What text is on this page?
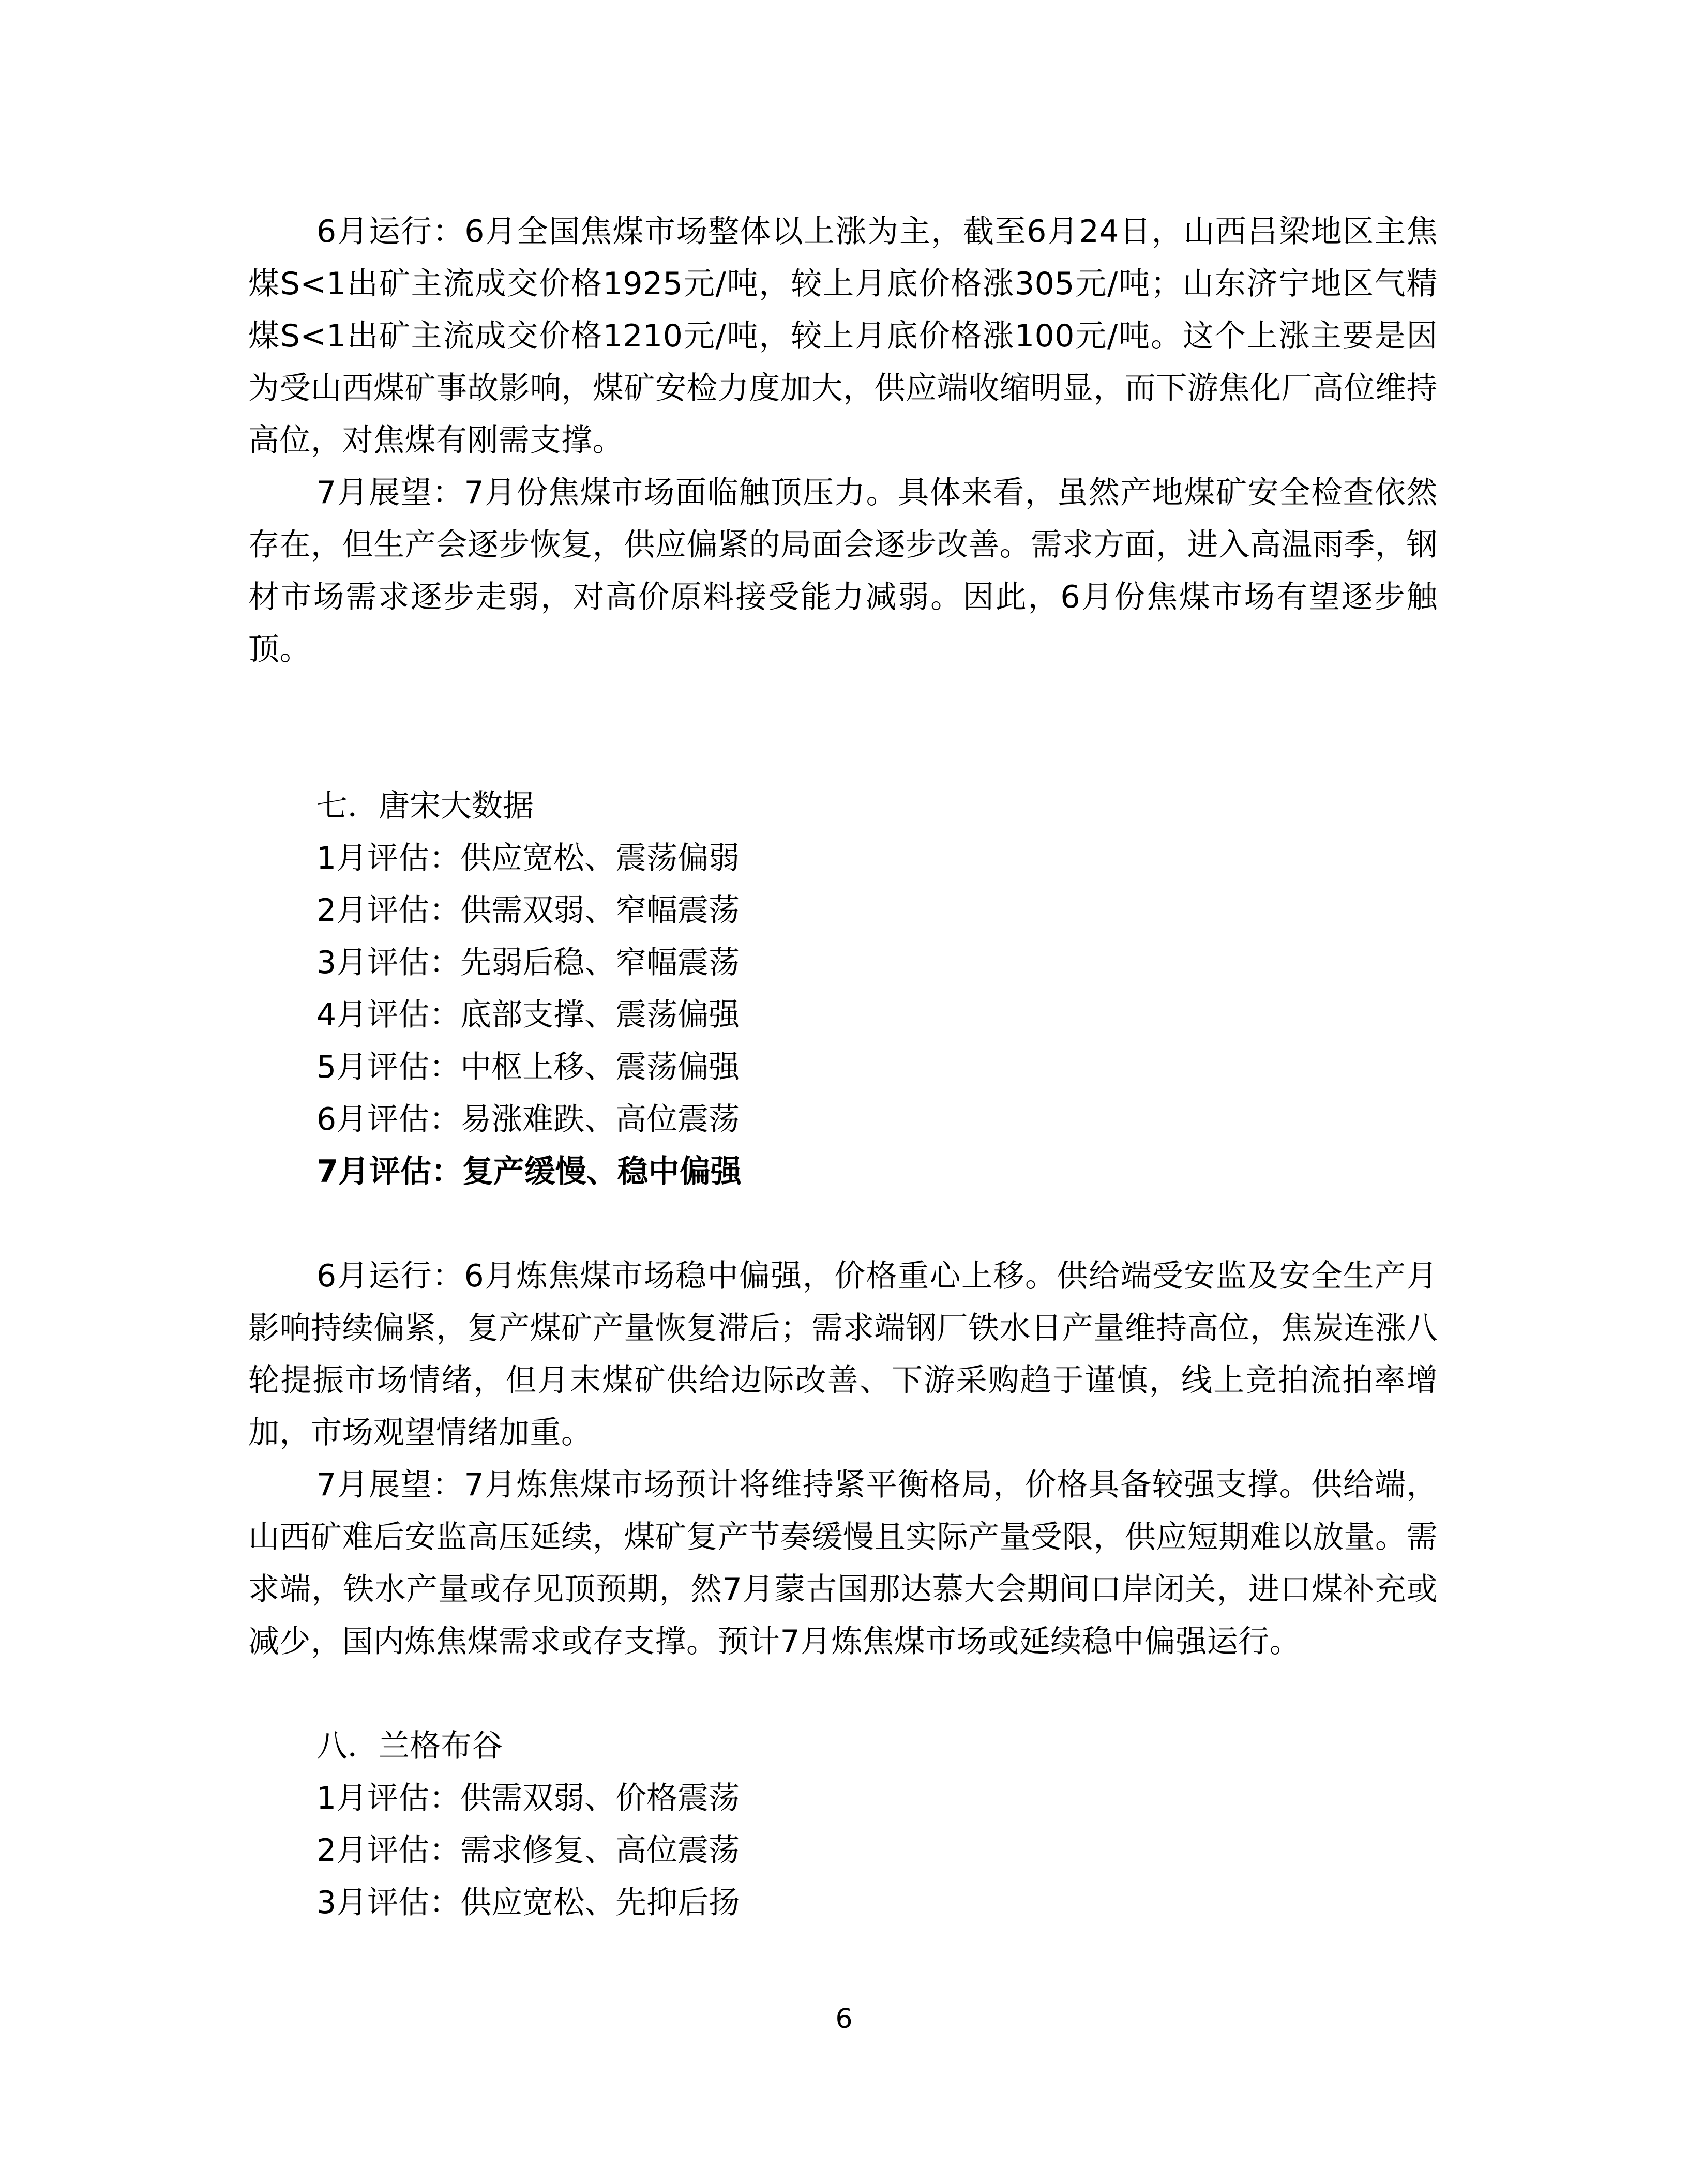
6月运行：6月全国焦煤市场整体以上涨为主，截至6月24日，山西吕梁地区主焦煤S<1出矿主流成交价格1925元/吨，较上月底价格涨305元/吨；山东济宁地区气精煤S<1出矿主流成交价格1210元/吨，较上月底价格涨100元/吨。这个上涨主要是因为受山西煤矿事故影响，煤矿安检力度加大，供应端收缩明显，而下游焦化厂高位维持高位，对焦煤有刚需支撑。

7月展望：7月份焦煤市场面临触顶压力。具体来看，虽然产地煤矿安全检查依然存在，但生产会逐步恢复，供应偏紧的局面会逐步改善。需求方面，进入高温雨季，钢材市场需求逐步走弱，对高价原料接受能力减弱。因此，6月份焦煤市场有望逐步触顶。

七．唐宋大数据

1月评估：供应宽松、震荡偏弱

2月评估：供需双弱、窄幅震荡

3月评估：先弱后稳、窄幅震荡

4月评估：底部支撑、震荡偏强

5月评估：中枢上移、震荡偏强

6月评估：易涨难跌、高位震荡

7月评估：复产缓慢、稳中偏强

6月运行：6月炼焦煤市场稳中偏强，价格重心上移。供给端受安监及安全生产月影响持续偏紧，复产煤矿产量恢复滞后；需求端钢厂铁水日产量维持高位，焦炭连涨八轮提振市场情绪，但月末煤矿供给边际改善、下游采购趋于谨慎，线上竞拍流拍率增加，市场观望情绪加重。

7月展望：7月炼焦煤市场预计将维持紧平衡格局，价格具备较强支撑。供给端，山西矿难后安监高压延续，煤矿复产节奏缓慢且实际产量受限，供应短期难以放量。需求端，铁水产量或存见顶预期，然7月蒙古国那达慕大会期间口岸闭关，进口煤补充或减少，国内炼焦煤需求或存支撑。预计7月炼焦煤市场或延续稳中偏强运行。

八．兰格布谷

1月评估：供需双弱、价格震荡

2月评估：需求修复、高位震荡

3月评估：供应宽松、先抑后扬

6
